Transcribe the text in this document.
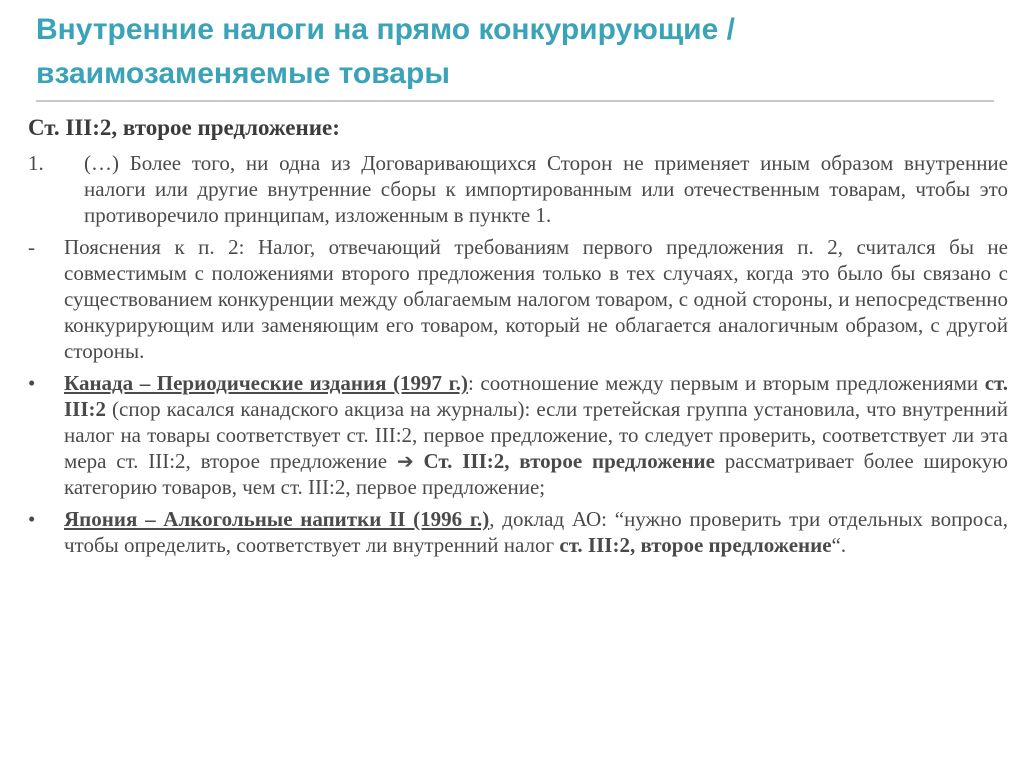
Внутренние налоги на прямо конкурирующие /
взаимозаменяемые товары
Ст. III:2, второе предложение:
1. (…) Более того, ни одна из Договаривающихся Сторон не применяет иным образом внутренние налоги или другие внутренние сборы к импортированным или отечественным товарам, чтобы это противоречило принципам, изложенным в пункте 1.

- Пояснения к п. 2: Налог, отвечающий требованиям первого предложения п. 2, считался бы не совместимым с положениями второго предложения только в тех случаях, когда это было бы связано с существованием конкуренции между облагаемым налогом товаром, с одной стороны, и непосредственно конкурирующим или заменяющим его товаром, который не облагается аналогичным образом, с другой стороны.

• Канада – Периодические издания (1997 г.): соотношение между первым и вторым предложениями ст. III:2 (спор касался канадского акциза на журналы): если третейская группа установила, что внутренний налог на товары соответствует ст. III:2, первое предложение, то следует проверить, соответствует ли эта мера ст. III:2, второе предложение ➔ Ст. III:2, второе предложение рассматривает более широкую категорию товаров, чем ст. III:2, первое предложение;

• Япония – Алкогольные напитки II (1996 г.), доклад АО: “нужно проверить три отдельных вопроса, чтобы определить, соответствует ли внутренний налог ст. III:2, второе предложение“.
